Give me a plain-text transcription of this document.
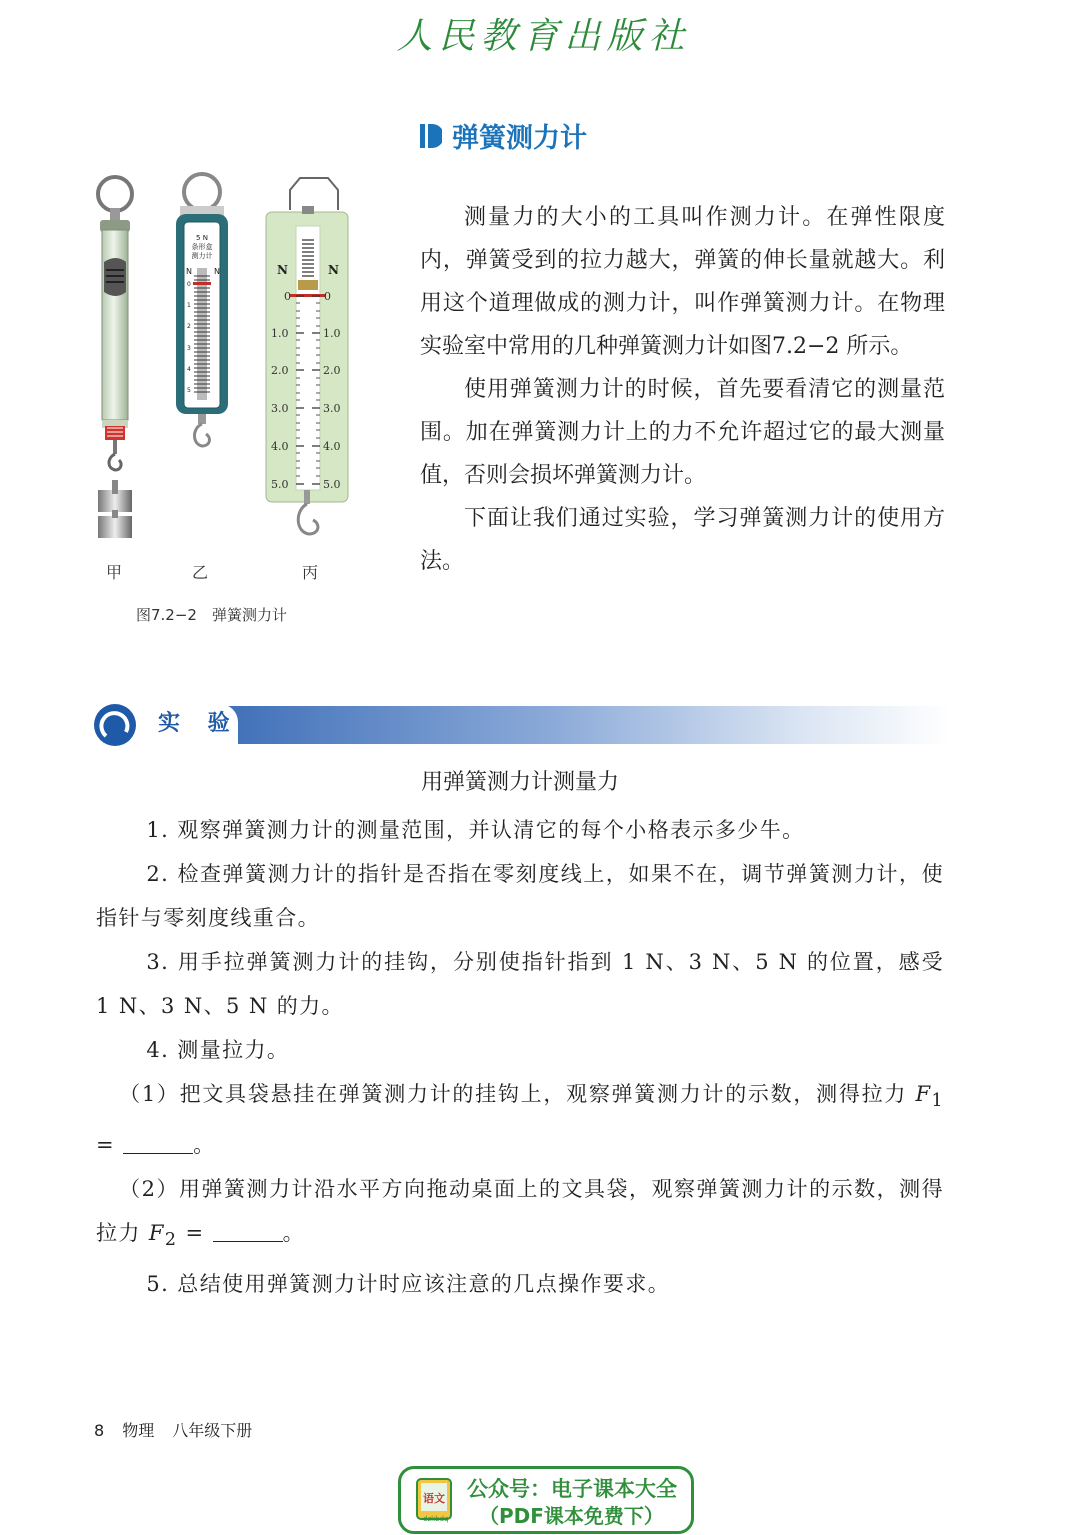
人民教育出版社
弹簧测力计
5 N
条形盒
测力计
N	N
0
1
2
3
4
5
N	N
0	0
1.0	1.0
2.0	2.0
3.0	3.0
4.0	4.0
5.0	5.0
甲	乙	丙
图7.2−2　弹簧测力计

测量力的大小的工具叫作测力计。在弹性限度内，弹簧受到的拉力越大，弹簧的伸长量就越大。利用这个道理做成的测力计，叫作弹簧测力计。在物理实验室中常用的几种弹簧测力计如图7.2−2 所示。

使用弹簧测力计的时候，首先要看清它的测量范围。加在弹簧测力计上的力不允许超过它的最大测量值，否则会损坏弹簧测力计。

下面让我们通过实验，学习弹簧测力计的使用方法。

实 验
用弹簧测力计测量力

1. 观察弹簧测力计的测量范围，并认清它的每个小格表示多少牛。

2. 检查弹簧测力计的指针是否指在零刻度线上，如果不在，调节弹簧测力计，使指针与零刻度线重合。

3. 用手拉弹簧测力计的挂钩，分别使指针指到 1 N、3 N、5 N 的位置，感受 1 N、3 N、5 N 的力。

4. 测量拉力。

（1）把文具袋悬挂在弹簧测力计的挂钩上，观察弹簧测力计的示数，测得拉力 $F_1$ =	。

（2）用弹簧测力计沿水平方向拖动桌面上的文具袋，观察弹簧测力计的示数，测得拉力 $F_2$ =	。

5. 总结使用弹簧测力计时应该注意的几点操作要求。

8 物理 八年级下册
语文
dzkbdq
公众号：电子课本大全
（PDF课本免费下）
